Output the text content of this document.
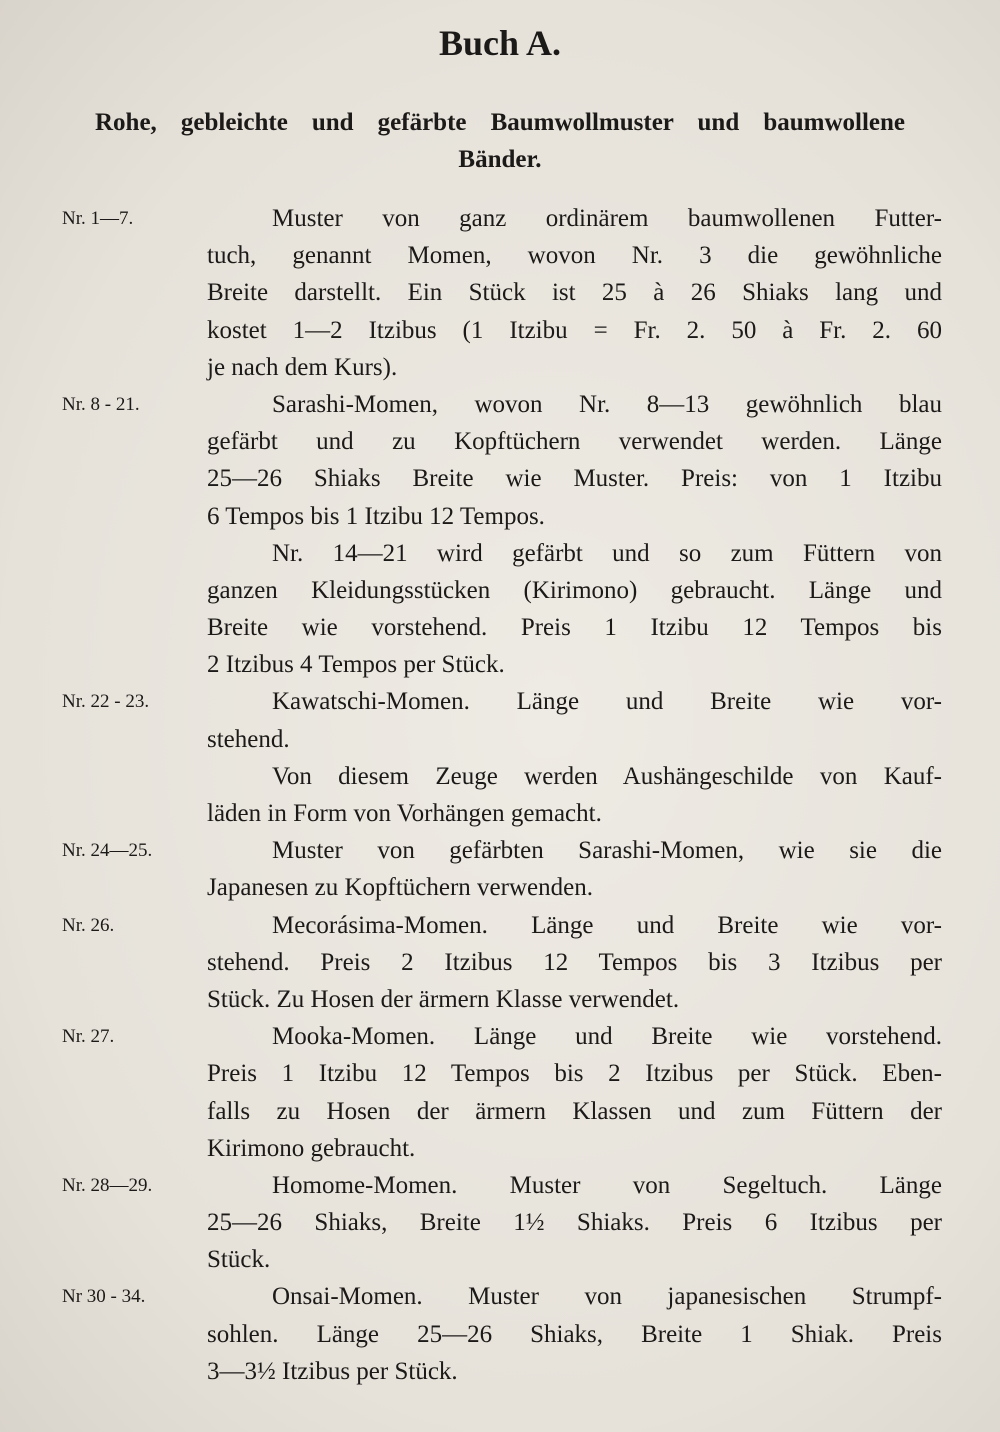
Buch A.
Rohe, gebleichte und gefärbte Baumwollmuster und baumwollene
Bänder.
Nr. 1—7.	Muster von ganz ordinärem baumwollenen Futter-
tuch, genannt Momen, wovon Nr. 3 die gewöhnliche
Breite darstellt. Ein Stück ist 25 à 26 Shiaks lang und
kostet 1—2 Itzibus (1 Itzibu = Fr. 2. 50 à Fr. 2. 60
je nach dem Kurs).
Nr. 8 - 21.	Sarashi-Momen, wovon Nr. 8—13 gewöhnlich blau
gefärbt und zu Kopftüchern verwendet werden. Länge
25—26 Shiaks Breite wie Muster. Preis: von 1 Itzibu
6 Tempos bis 1 Itzibu 12 Tempos.
Nr. 14—21 wird gefärbt und so zum Füttern von
ganzen Kleidungsstücken (Kirimono) gebraucht. Länge und
Breite wie vorstehend. Preis 1 Itzibu 12 Tempos bis
2 Itzibus 4 Tempos per Stück.
Nr. 22 - 23.	Kawatschi-Momen. Länge und Breite wie vor-
stehend.
Von diesem Zeuge werden Aushängeschilde von Kauf-
läden in Form von Vorhängen gemacht.
Nr. 24—25.	Muster von gefärbten Sarashi-Momen, wie sie die
Japanesen zu Kopftüchern verwenden.
Nr. 26.	Mecorásima-Momen. Länge und Breite wie vor-
stehend. Preis 2 Itzibus 12 Tempos bis 3 Itzibus per
Stück. Zu Hosen der ärmern Klasse verwendet.
Nr. 27.	Mooka-Momen. Länge und Breite wie vorstehend.
Preis 1 Itzibu 12 Tempos bis 2 Itzibus per Stück. Eben-
falls zu Hosen der ärmern Klassen und zum Füttern der
Kirimono gebraucht.
Nr. 28—29.	Homome-Momen. Muster von Segeltuch. Länge
25—26 Shiaks, Breite 1½ Shiaks. Preis 6 Itzibus per
Stück.
Nr 30 - 34.	Onsai-Momen. Muster von japanesischen Strumpf-
sohlen. Länge 25—26 Shiaks, Breite 1 Shiak. Preis
3—3½ Itzibus per Stück.
